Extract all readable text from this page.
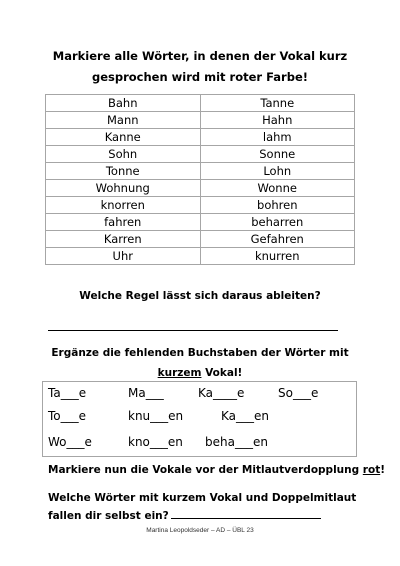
Markiere alle Wörter, in denen der Vokal kurz
gesprochen wird mit roter Farbe!
Bahn	Tanne
Mann	Hahn
Kanne	lahm
Sohn	Sonne
Tonne	Lohn
Wohnung	Wonne
knorren	bohren
fahren	beharren
Karren	Gefahren
Uhr	knurren
Welche Regel lässt sich daraus ableiten?
Ergänze die fehlenden Buchstaben der Wörter mit
kurzem Vokal!
Ta___e	Ma___	Ka____e	So___e
To___e	knu___en	Ka___en
Wo___e	kno___en beha___en
Markiere nun die Vokale vor der Mitlautverdopplung rot!
Welche Wörter mit kurzem Vokal und Doppelmitlaut
fallen dir selbst ein?
Martina Leopoldseder – AD – ÜBL 23
